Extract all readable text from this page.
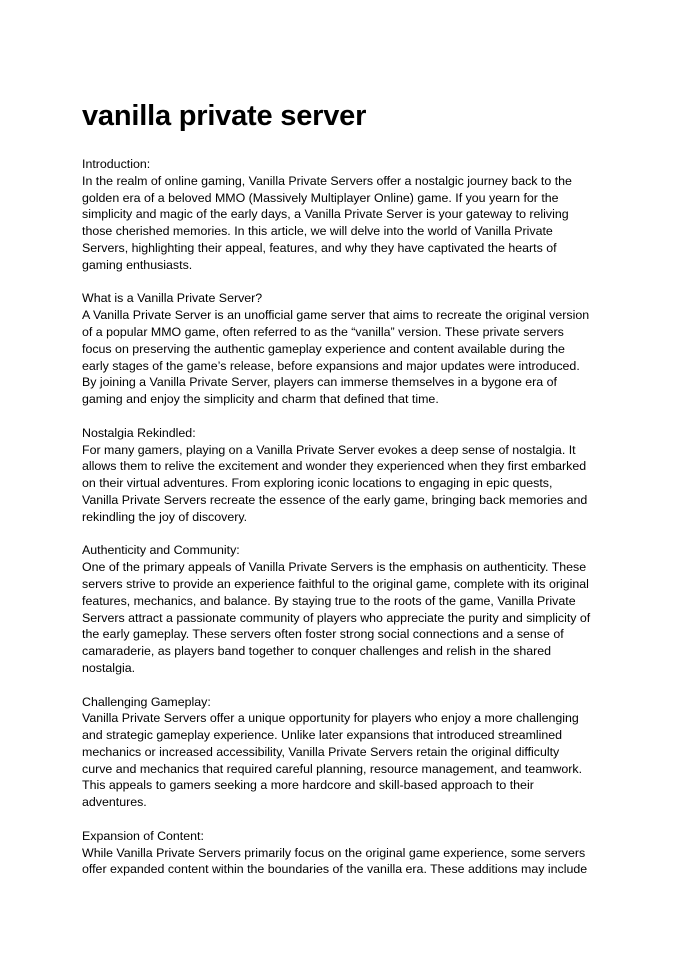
vanilla private server
Introduction:
In the realm of online gaming, Vanilla Private Servers offer a nostalgic journey back to the
golden era of a beloved MMO (Massively Multiplayer Online) game. If you yearn for the
simplicity and magic of the early days, a Vanilla Private Server is your gateway to reliving
those cherished memories. In this article, we will delve into the world of Vanilla Private
Servers, highlighting their appeal, features, and why they have captivated the hearts of
gaming enthusiasts.
What is a Vanilla Private Server?
A Vanilla Private Server is an unofficial game server that aims to recreate the original version
of a popular MMO game, often referred to as the “vanilla” version. These private servers
focus on preserving the authentic gameplay experience and content available during the
early stages of the game’s release, before expansions and major updates were introduced.
By joining a Vanilla Private Server, players can immerse themselves in a bygone era of
gaming and enjoy the simplicity and charm that defined that time.
Nostalgia Rekindled:
For many gamers, playing on a Vanilla Private Server evokes a deep sense of nostalgia. It
allows them to relive the excitement and wonder they experienced when they first embarked
on their virtual adventures. From exploring iconic locations to engaging in epic quests,
Vanilla Private Servers recreate the essence of the early game, bringing back memories and
rekindling the joy of discovery.
Authenticity and Community:
One of the primary appeals of Vanilla Private Servers is the emphasis on authenticity. These
servers strive to provide an experience faithful to the original game, complete with its original
features, mechanics, and balance. By staying true to the roots of the game, Vanilla Private
Servers attract a passionate community of players who appreciate the purity and simplicity of
the early gameplay. These servers often foster strong social connections and a sense of
camaraderie, as players band together to conquer challenges and relish in the shared
nostalgia.
Challenging Gameplay:
Vanilla Private Servers offer a unique opportunity for players who enjoy a more challenging
and strategic gameplay experience. Unlike later expansions that introduced streamlined
mechanics or increased accessibility, Vanilla Private Servers retain the original difficulty
curve and mechanics that required careful planning, resource management, and teamwork.
This appeals to gamers seeking a more hardcore and skill-based approach to their
adventures.
Expansion of Content:
While Vanilla Private Servers primarily focus on the original game experience, some servers
offer expanded content within the boundaries of the vanilla era. These additions may include
